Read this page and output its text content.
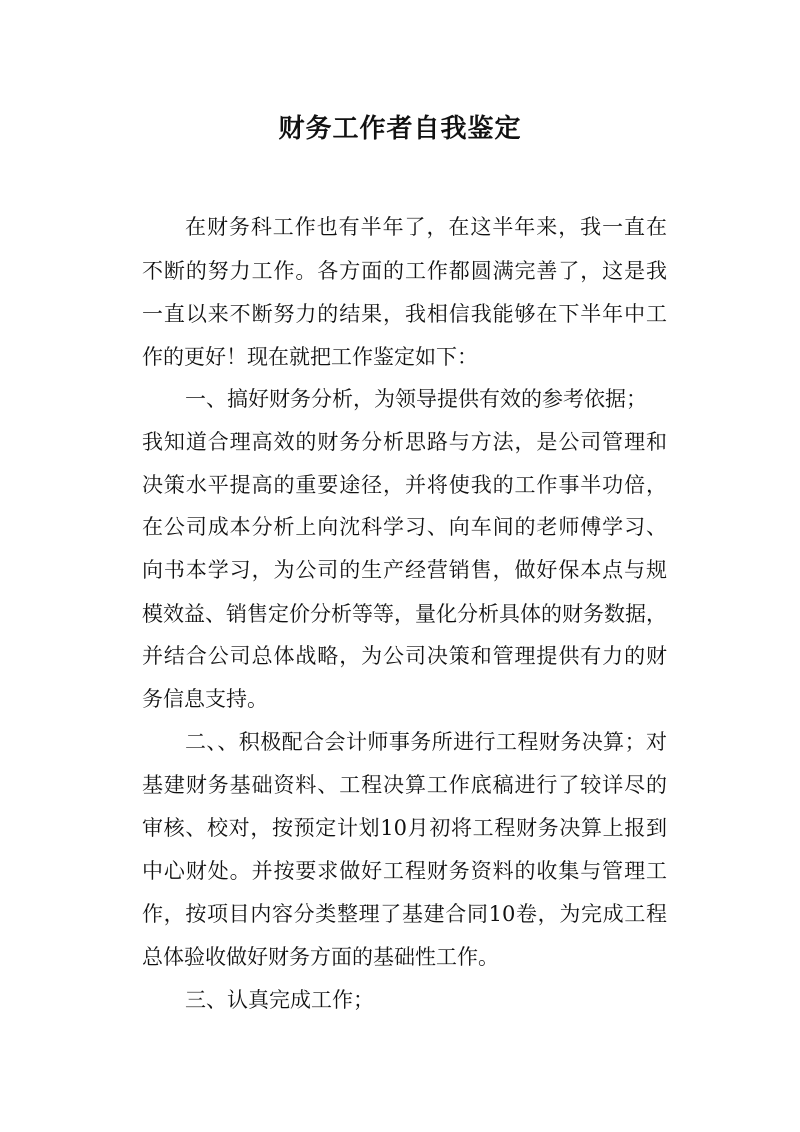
财务工作者自我鉴定
在财务科工作也有半年了，在这半年来，我一直在
不断的努力工作。各方面的工作都圆满完善了，这是我
一直以来不断努力的结果，我相信我能够在下半年中工
作的更好！现在就把工作鉴定如下：
一、搞好财务分析，为领导提供有效的参考依据；
我知道合理高效的财务分析思路与方法，是公司管理和
决策水平提高的重要途径，并将使我的工作事半功倍，
在公司成本分析上向沈科学习、向车间的老师傅学习、
向书本学习，为公司的生产经营销售，做好保本点与规
模效益、销售定价分析等等，量化分析具体的财务数据，
并结合公司总体战略，为公司决策和管理提供有力的财
务信息支持。
二、、积极配合会计师事务所进行工程财务决算；对
基建财务基础资料、工程决算工作底稿进行了较详尽的
审核、校对，按预定计划10月初将工程财务决算上报到
中心财处。并按要求做好工程财务资料的收集与管理工
作，按项目内容分类整理了基建合同10卷，为完成工程
总体验收做好财务方面的基础性工作。
三、认真完成工作；
